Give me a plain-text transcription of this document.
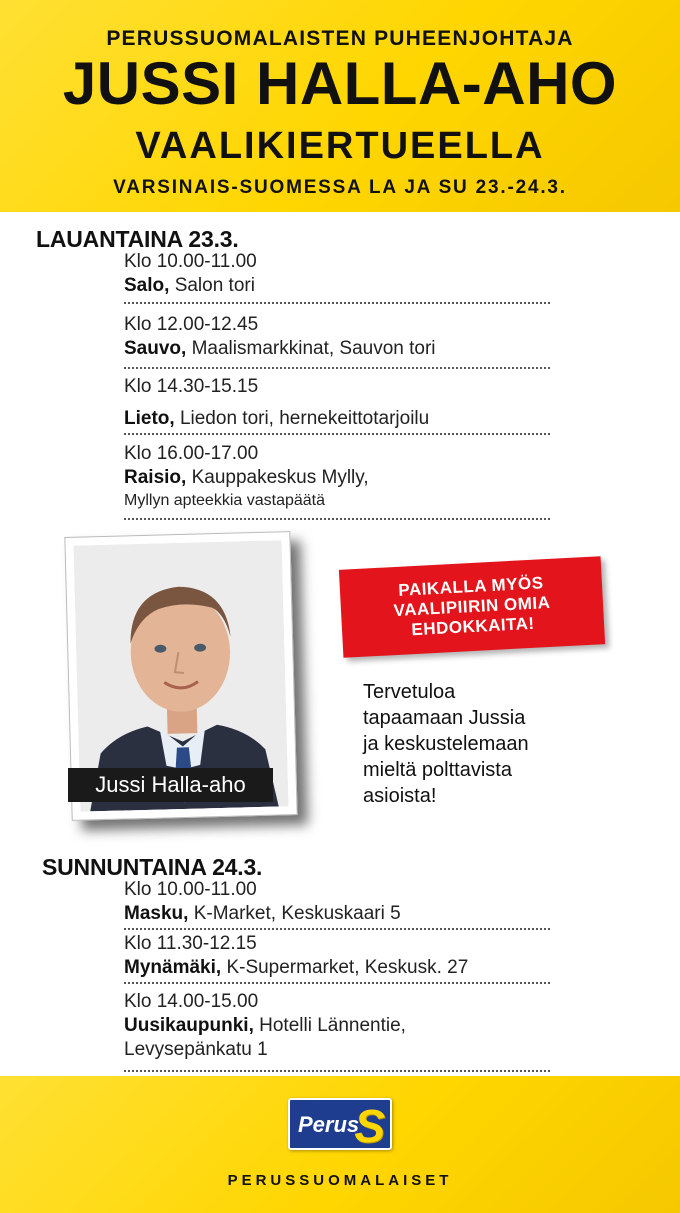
PERUSSUOMALAISTEN PUHEENJOHTAJA
JUSSI HALLA-AHO
VAALIKIERTUEELLA
VARSINAIS-SUOMESSA LA JA SU 23.-24.3.
LAUANTAINA 23.3.
Klo 10.00-11.00
Salo, Salon tori
Klo 12.00-12.45
Sauvo, Maalismarkkinat, Sauvon tori
Klo 14.30-15.15
Lieto, Liedon tori, hernekeittotarjoilu
Klo 16.00-17.00
Raisio, Kauppakeskus Mylly,
Myllyn apteekkia vastapäätä
Jussi Halla-aho
PAIKALLA MYÖS
VAALIPIIRIN OMIA
EHDOKKAITA!
Tervetuloa
tapaamaan Jussia
ja keskustelemaan
mieltä polttavista
asioista!
SUNNUNTAINA 24.3.
Klo 10.00-11.00
Masku, K-Market, Keskuskaari 5
Klo 11.30-12.15
Mynämäki, K-Supermarket, Keskusk. 27
Klo 14.00-15.00
Uusikaupunki, Hotelli Lännentie,
Levysepänkatu 1
Perus
S
PERUSSUOMALAISET
